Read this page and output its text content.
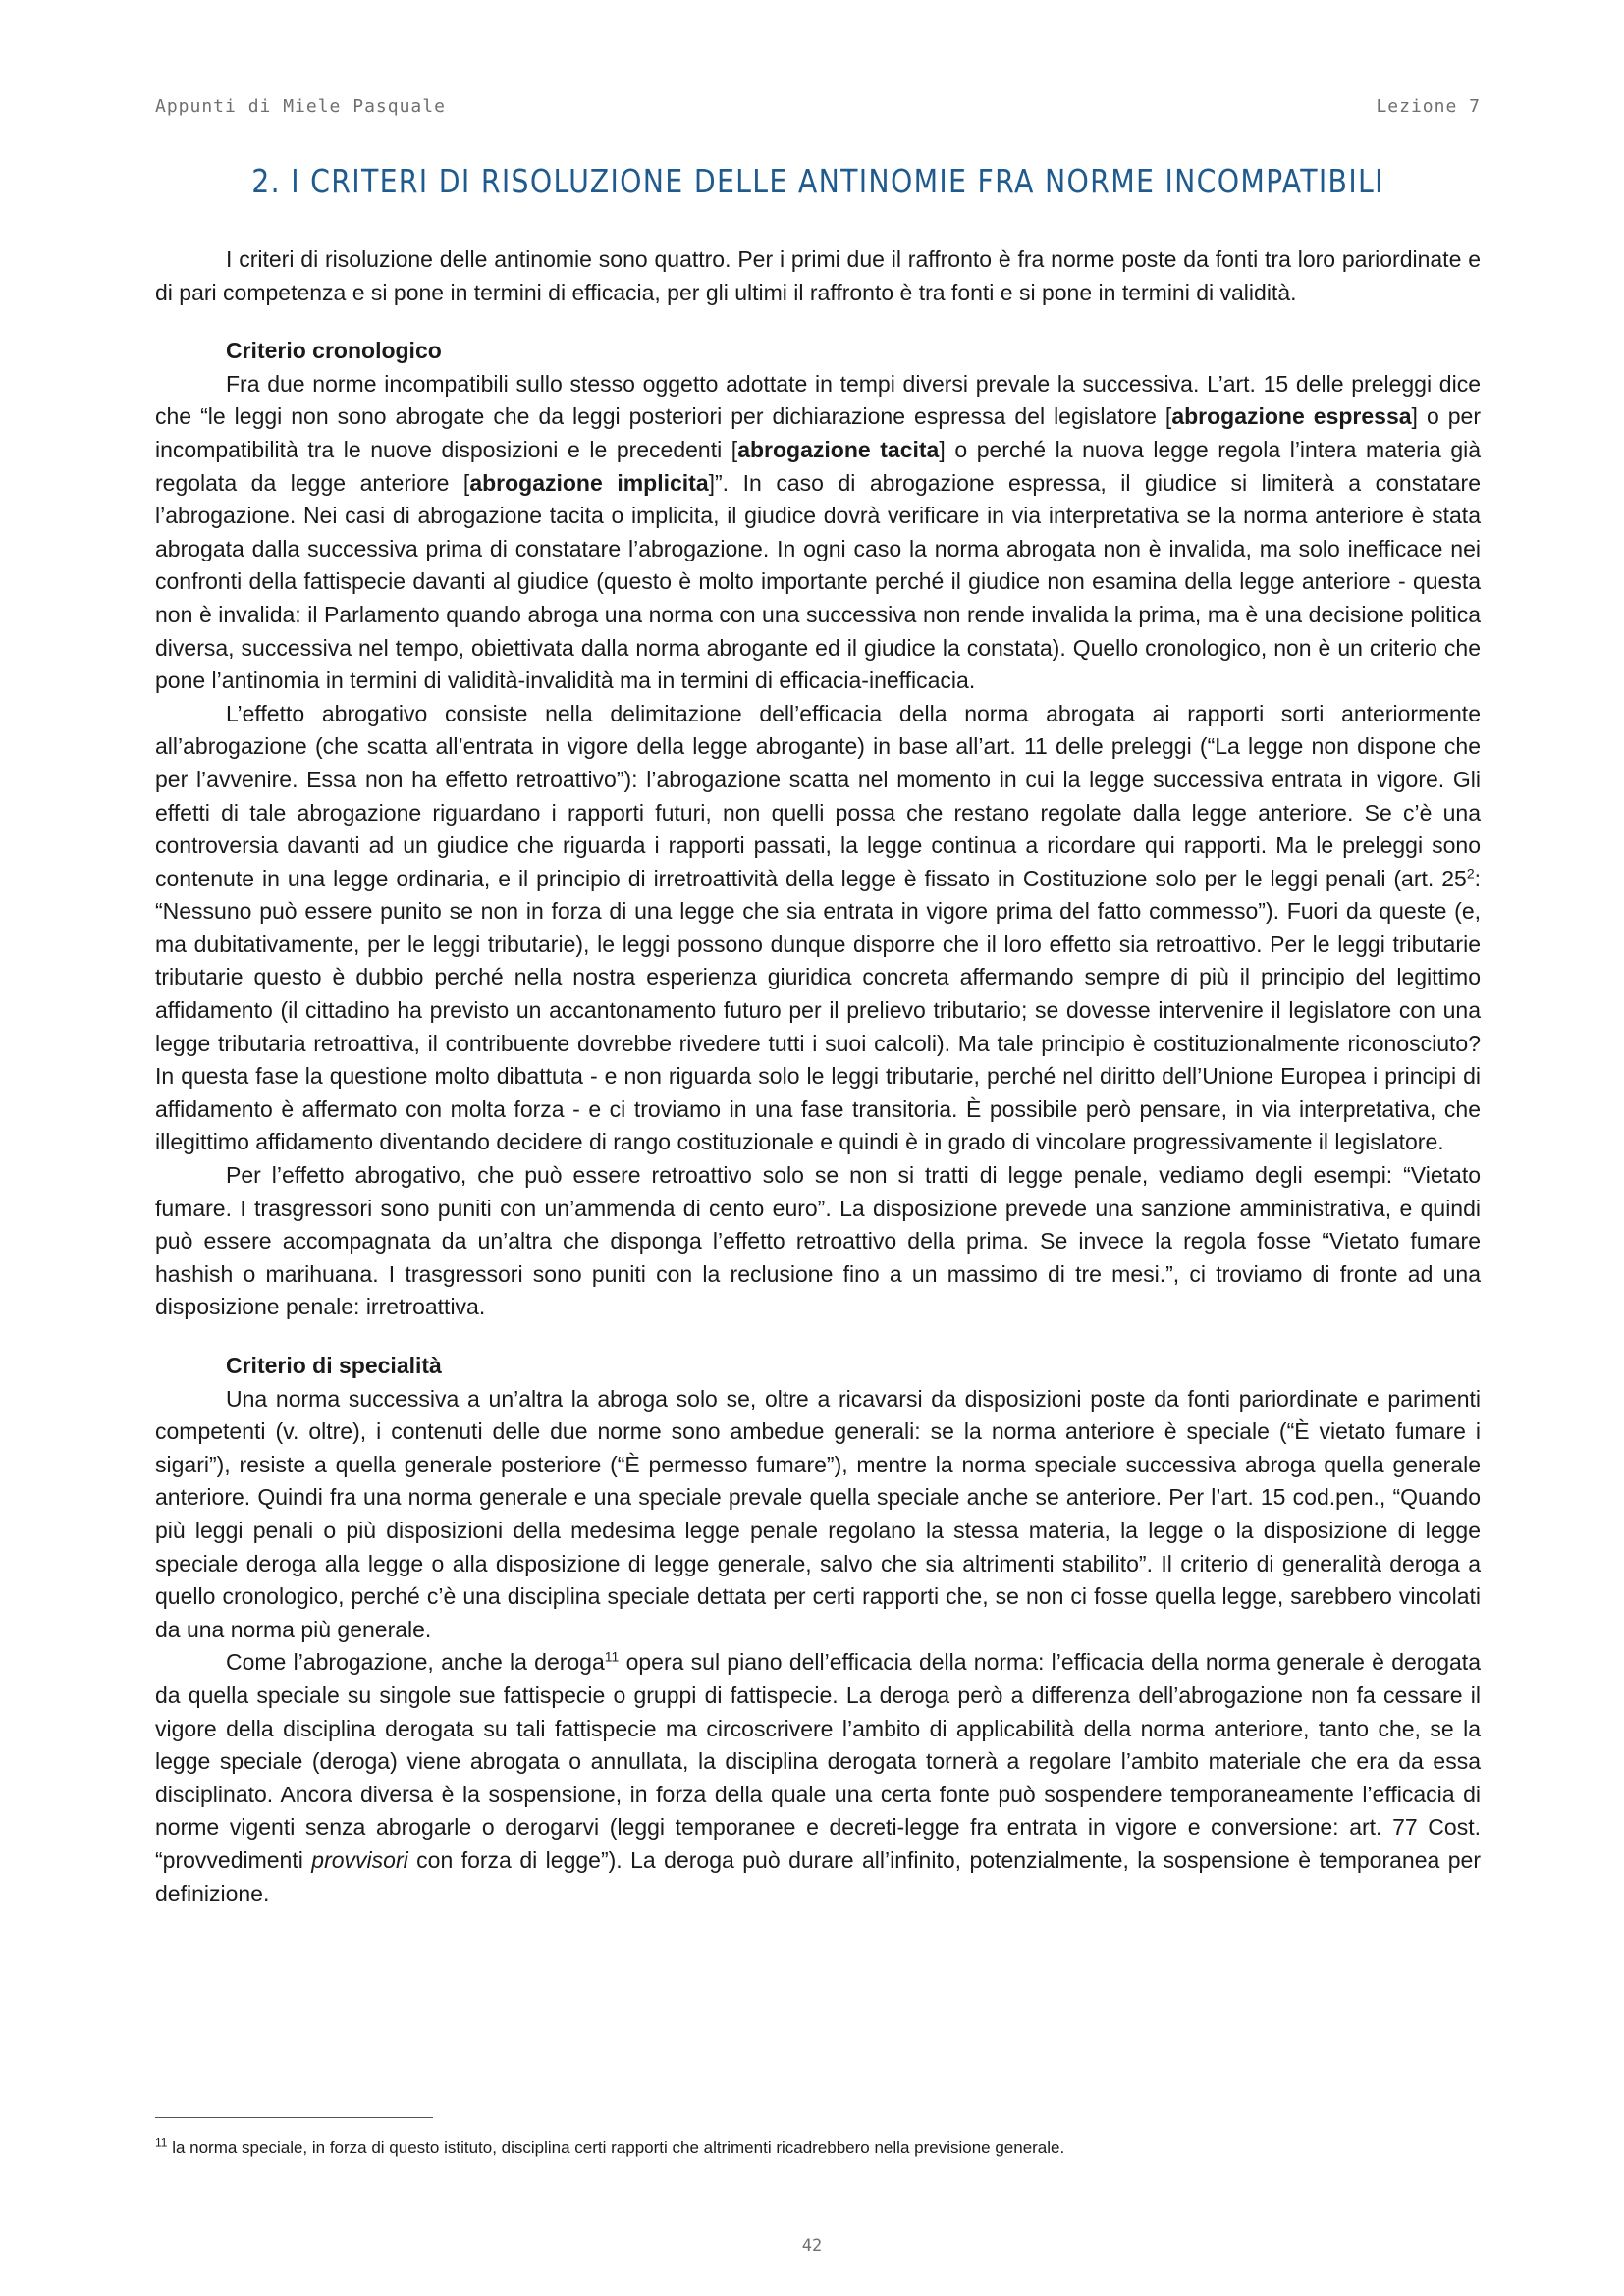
Appunti di Miele Pasquale	Lezione 7
2. I CRITERI DI RISOLUZIONE DELLE ANTINOMIE FRA NORME INCOMPATIBILI

I criteri di risoluzione delle antinomie sono quattro. Per i primi due il raffronto è fra norme poste da fonti tra loro pariordinate e di pari competenza e si pone in termini di efficacia, per gli ultimi il raffronto è tra fonti e si pone in termini di validità.

Criterio cronologico

Fra due norme incompatibili sullo stesso oggetto adottate in tempi diversi prevale la successiva. L’art. 15 delle preleggi dice che “le leggi non sono abrogate che da leggi posteriori per dichiarazione espressa del legislatore [abrogazione espressa] o per incompatibilità tra le nuove disposizioni e le precedenti [abrogazione tacita] o perché la nuova legge regola l’intera materia già regolata da legge anteriore [abrogazione implicita]”. In caso di abrogazione espressa, il giudice si limiterà a constatare l’abrogazione. Nei casi di abrogazione tacita o implicita, il giudice dovrà verificare in via interpretativa se la norma anteriore è stata abrogata dalla successiva prima di constatare l’abrogazione. In ogni caso la norma abrogata non è invalida, ma solo inefficace nei confronti della fattispecie davanti al giudice (questo è molto importante perché il giudice non esamina della legge anteriore - questa non è invalida: il Parlamento quando abroga una norma con una successiva non rende invalida la prima, ma è una decisione politica diversa, successiva nel tempo, obiettivata dalla norma abrogante ed il giudice la constata). Quello cronologico, non è un criterio che pone l’antinomia in termini di validità-invalidità ma in termini di efficacia-inefficacia.

L’effetto abrogativo consiste nella delimitazione dell’efficacia della norma abrogata ai rapporti sorti anteriormente all’abrogazione (che scatta all’entrata in vigore della legge abrogante) in base all’art. 11 delle preleggi (“La legge non dispone che per l’avvenire. Essa non ha effetto retroattivo”): l’abrogazione scatta nel momento in cui la legge successiva entrata in vigore. Gli effetti di tale abrogazione riguardano i rapporti futuri, non quelli possa che restano regolate dalla legge anteriore. Se c’è una controversia davanti ad un giudice che riguarda i rapporti passati, la legge continua a ricordare qui rapporti. Ma le preleggi sono contenute in una legge ordinaria, e il principio di irretroattività della legge è fissato in Costituzione solo per le leggi penali (art. $25^2$: “Nessuno può essere punito se non in forza di una legge che sia entrata in vigore prima del fatto commesso”). Fuori da queste (e, ma dubitativamente, per le leggi tributarie), le leggi possono dunque disporre che il loro effetto sia retroattivo. Per le leggi tributarie tributarie questo è dubbio perché nella nostra esperienza giuridica concreta affermando sempre di più il principio del legittimo affidamento (il cittadino ha previsto un accantonamento futuro per il prelievo tributario; se dovesse intervenire il legislatore con una legge tributaria retroattiva, il contribuente dovrebbe rivedere tutti i suoi calcoli). Ma tale principio è costituzionalmente riconosciuto? In questa fase la questione molto dibattuta - e non riguarda solo le leggi tributarie, perché nel diritto dell’Unione Europea i principi di affidamento è affermato con molta forza - e ci troviamo in una fase transitoria. È possibile però pensare, in via interpretativa, che illegittimo affidamento diventando decidere di rango costituzionale e quindi è in grado di vincolare progressivamente il legislatore.

Per l’effetto abrogativo, che può essere retroattivo solo se non si tratti di legge penale, vediamo degli esempi: “Vietato fumare. I trasgressori sono puniti con un’ammenda di cento euro”. La disposizione prevede una sanzione amministrativa, e quindi può essere accompagnata da un’altra che disponga l’effetto retroattivo della prima. Se invece la regola fosse “Vietato fumare hashish o marihuana. I trasgressori sono puniti con la reclusione fino a un massimo di tre mesi.”, ci troviamo di fronte ad una disposizione penale: irretroattiva.

Criterio di specialità

Una norma successiva a un’altra la abroga solo se, oltre a ricavarsi da disposizioni poste da fonti pariordinate e parimenti competenti (v. oltre), i contenuti delle due norme sono ambedue generali: se la norma anteriore è speciale (“È vietato fumare i sigari”), resiste a quella generale posteriore (“È permesso fumare”), mentre la norma speciale successiva abroga quella generale anteriore. Quindi fra una norma generale e una speciale prevale quella speciale anche se anteriore. Per l’art. 15 cod.pen., “Quando più leggi penali o più disposizioni della medesima legge penale regolano la stessa materia, la legge o la disposizione di legge speciale deroga alla legge o alla disposizione di legge generale, salvo che sia altrimenti stabilito”. Il criterio di generalità deroga a quello cronologico, perché c’è una disciplina speciale dettata per certi rapporti che, se non ci fosse quella legge, sarebbero vincolati da una norma più generale.

Come l’abrogazione, anche la deroga$^{11}$ opera sul piano dell’efficacia della norma: l’efficacia della norma generale è derogata da quella speciale su singole sue fattispecie o gruppi di fattispecie. La deroga però a differenza dell’abrogazione non fa cessare il vigore della disciplina derogata su tali fattispecie ma circoscrivere l’ambito di applicabilità della norma anteriore, tanto che, se la legge speciale (deroga) viene abrogata o annullata, la disciplina derogata tornerà a regolare l’ambito materiale che era da essa disciplinato. Ancora diversa è la sospensione, in forza della quale una certa fonte può sospendere temporaneamente l’efficacia di norme vigenti senza abrogarle o derogarvi (leggi temporanee e decreti-legge fra entrata in vigore e conversione: art. 77 Cost. “provvedimenti provvisori con forza di legge”). La deroga può durare all’infinito, potenzialmente, la sospensione è temporanea per definizione.

$^{11}$ la norma speciale, in forza di questo istituto, disciplina certi rapporti che altrimenti ricadrebbero nella previsione generale.
42
